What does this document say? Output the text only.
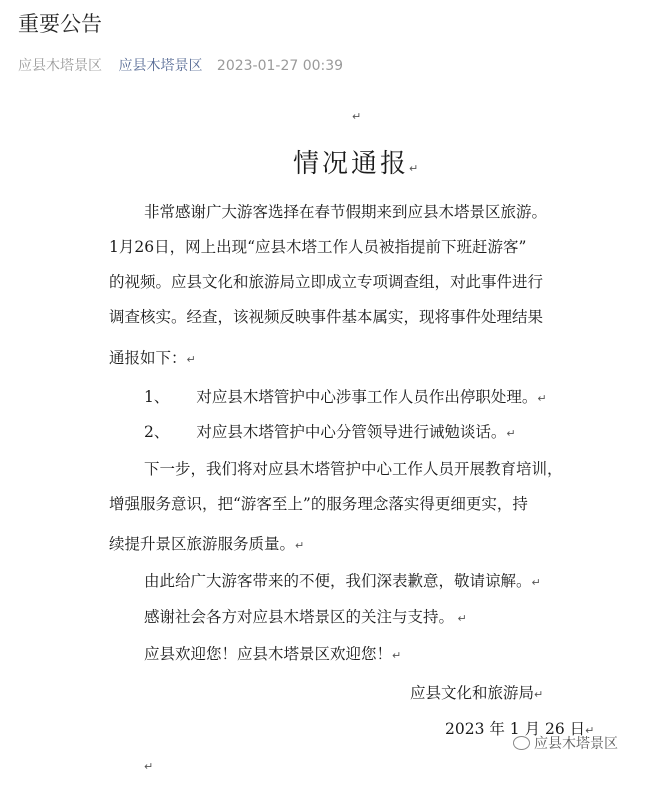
重要公告
应县木塔景区 应县木塔景区 2023-01-27 00:39
↵
情况通报↵
非常感谢广大游客选择在春节假期来到应县木塔景区旅游。
1月26日，网上出现“应县木塔工作人员被指提前下班赶游客”
的视频。应县文化和旅游局立即成立专项调查组，对此事件进行
调查核实。经查，该视频反映事件基本属实，现将事件处理结果
通报如下：↵
1、 对应县木塔管护中心涉事工作人员作出停职处理。↵
2、 对应县木塔管护中心分管领导进行诫勉谈话。↵
下一步，我们将对应县木塔管护中心工作人员开展教育培训，
增强服务意识，把“游客至上”的服务理念落实得更细更实，持
续提升景区旅游服务质量。↵
由此给广大游客带来的不便，我们深表歉意，敬请谅解。↵
感谢社会各方对应县木塔景区的关注与支持。 ↵
应县欢迎您！应县木塔景区欢迎您！↵
应县文化和旅游局↵
2023 年 1 月 26 日↵
↵
应县木塔景区
